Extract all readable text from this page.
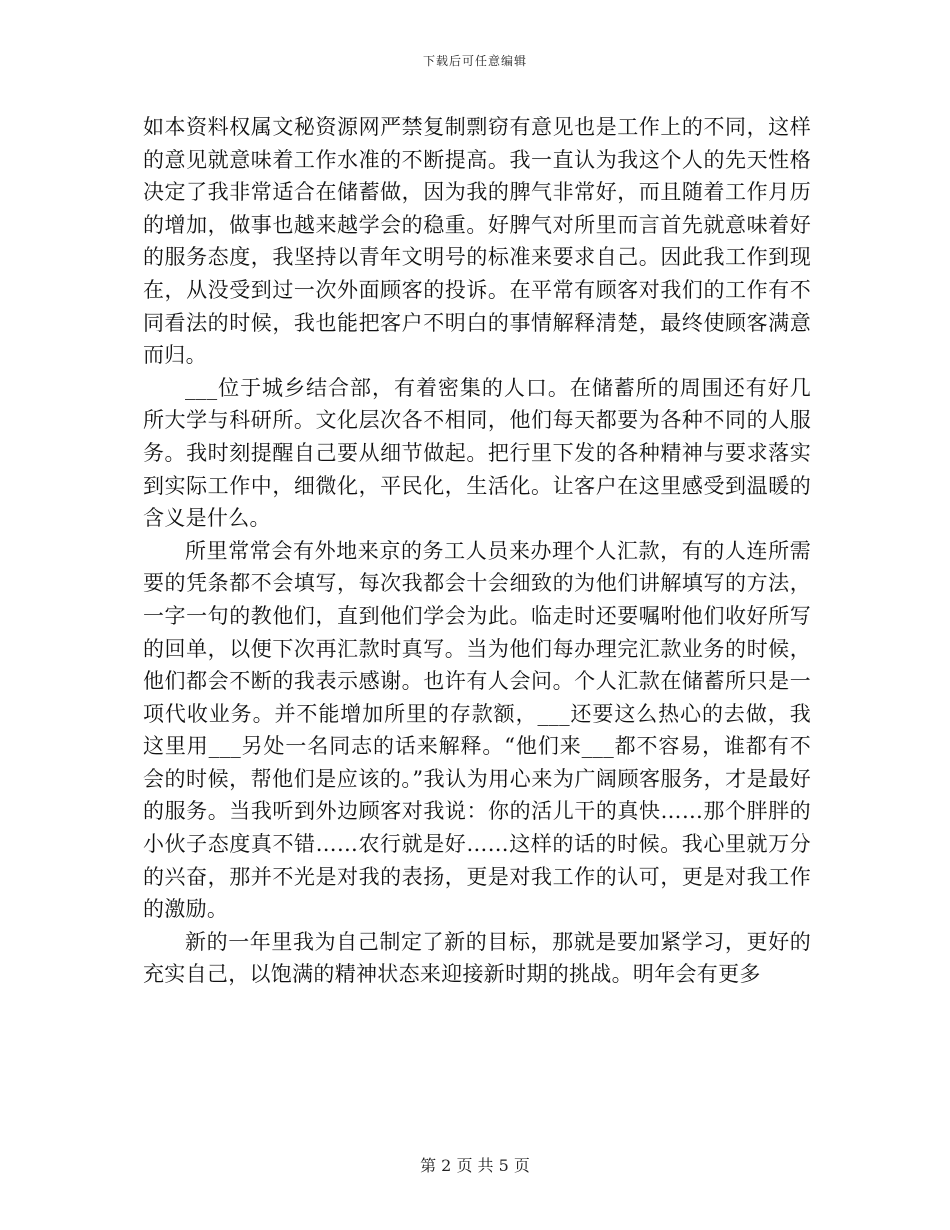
下载后可任意编辑

如本资料权属文秘资源网严禁复制剽窃有意见也是工作上的不同，这样的意见就意味着工作水准的不断提高。我一直认为我这个人的先天性格决定了我非常适合在储蓄做，因为我的脾气非常好，而且随着工作月历的增加，做事也越来越学会的稳重。好脾气对所里而言首先就意味着好的服务态度，我坚持以青年文明号的标准来要求自己。因此我工作到现在，从没受到过一次外面顾客的投诉。在平常有顾客对我们的工作有不同看法的时候，我也能把客户不明白的事情解释清楚，最终使顾客满意而归。

___位于城乡结合部，有着密集的人口。在储蓄所的周围还有好几所大学与科研所。文化层次各不相同，他们每天都要为各种不同的人服务。我时刻提醒自己要从细节做起。把行里下发的各种精神与要求落实到实际工作中，细微化，平民化，生活化。让客户在这里感受到温暖的含义是什么。

所里常常会有外地来京的务工人员来办理个人汇款，有的人连所需要的凭条都不会填写，每次我都会十会细致的为他们讲解填写的方法，一字一句的教他们，直到他们学会为此。临走时还要嘱咐他们收好所写的回单，以便下次再汇款时真写。当为他们每办理完汇款业务的时候，他们都会不断的我表示感谢。也许有人会问。个人汇款在储蓄所只是一项代收业务。并不能增加所里的存款额，___还要这么热心的去做，我这里用___另处一名同志的话来解释。“他们来___都不容易，谁都有不会的时候，帮他们是应该的。”我认为用心来为广阔顾客服务，才是最好的服务。当我听到外边顾客对我说：你的活儿干的真快……那个胖胖的小伙子态度真不错……农行就是好……这样的话的时候。我心里就万分的兴奋，那并不光是对我的表扬，更是对我工作的认可，更是对我工作的激励。

新的一年里我为自己制定了新的目标，那就是要加紧学习，更好的充实自己，以饱满的精神状态来迎接新时期的挑战。明年会有更多

第 2 页 共 5 页
